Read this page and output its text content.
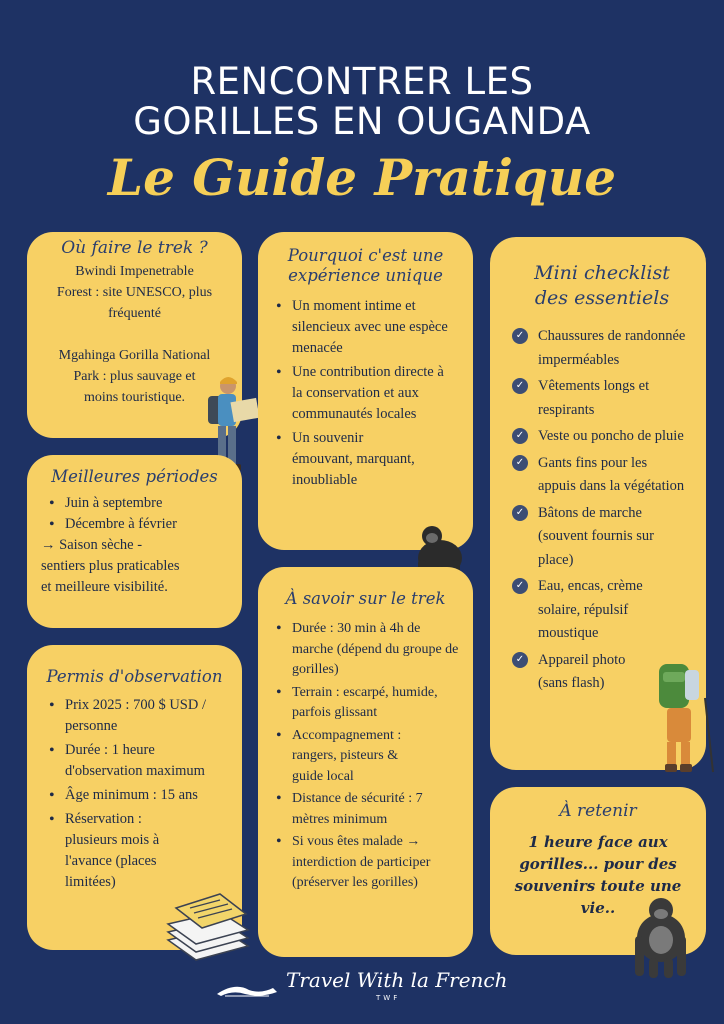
RENCONTRER LES
GORILLES EN OUGANDA
Le Guide Pratique

Où faire le trek ?

Bwindi Impenetrable
Forest : site UNESCO, plus
fréquenté
Mgahinga Gorilla National
Park : plus sauvage et
moins touristique.

Meilleures périodes

• Juin à septembre
• Décembre à février
→ Saison sèche -
sentiers plus praticables
et meilleure visibilité.

Permis d'observation

• Prix 2025 : 700 $ USD / personne
• Durée : 1 heure d'observation maximum
• Âge minimum : 15 ans
• Réservation : plusieurs mois à l'avance (places limitées)

Pourquoi c'est une

expérience unique

• Un moment intime et silencieux avec une espèce menacée
• Une contribution directe à la conservation et aux communautés locales
• Un souvenir émouvant, marquant, inoubliable

À savoir sur le trek

• Durée : 30 min à 4h de marche (dépend du groupe de gorilles)
• Terrain : escarpé, humide, parfois glissant
• Accompagnement : rangers, pisteurs & guide local
• Distance de sécurité : 7 mètres minimum
• Si vous êtes malade → interdiction de participer (préserver les gorilles)

Mini checklist

des essentiels

✓ Chaussures de randonnée imperméables
✓ Vêtements longs et respirants
✓ Veste ou poncho de pluie
✓ Gants fins pour les appuis dans la végétation
✓ Bâtons de marche (souvent fournis sur place)
✓ Eau, encas, crème solaire, répulsif moustique
✓ Appareil photo (sans flash)

À retenir

1 heure face aux
gorilles... pour des
souvenirs toute une
vie..
Travel With la French
TWF
